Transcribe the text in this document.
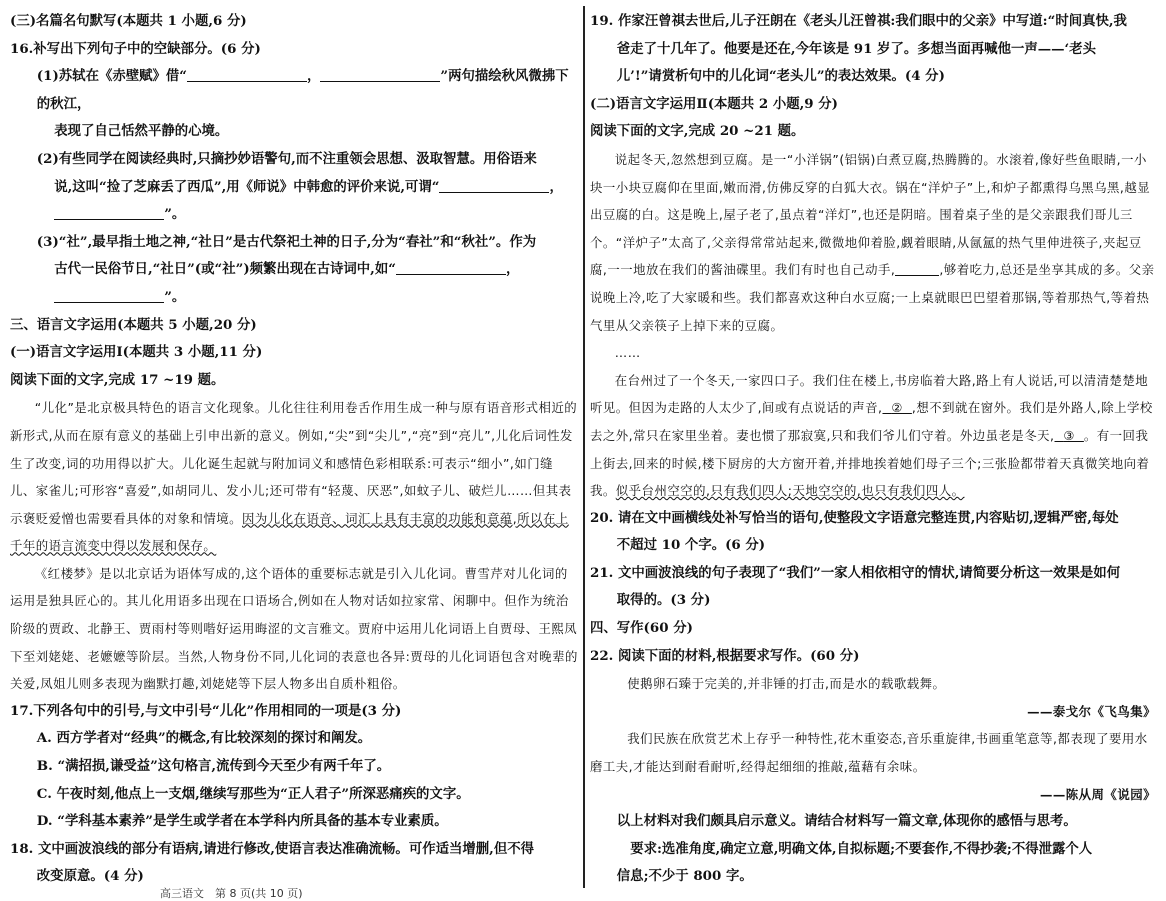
(三)名篇名句默写(本题共 1 小题,6 分)

16.补写出下列句子中的空缺部分。(6 分)

(1)苏轼在《赤壁赋》借“	，	”两句描绘秋风微拂下的秋江，

表现了自己恬然平静的心境。

(2)有些同学在阅读经典时,只摘抄妙语警句,而不注重领会思想、汲取智慧。用俗语来

说,这叫“捡了芝麻丢了西瓜”,用《师说》中韩愈的评价来说,可谓“	，

”。

(3)“社”,最早指土地之神,“社日”是古代祭祀土神的日子,分为“春社”和“秋社”。作为

古代一民俗节日,“社日”(或“社”)频繁出现在古诗词中,如“	，

”。

三、语言文字运用(本题共 5 小题,20 分)

(一)语言文字运用Ⅰ(本题共 3 小题,11 分)

阅读下面的文字,完成 17 ~19 题。

“儿化”是北京极具特色的语言文化现象。儿化往往利用卷舌作用生成一种与原有语音形式相近的新形式,从而在原有意义的基础上引申出新的意义。例如,“尖”到“尖儿”,“亮”到“亮儿”,儿化后词性发生了改变,词的功用得以扩大。儿化诞生起就与附加词义和感情色彩相联系:可表示“细小”,如门缝儿、家雀儿;可形容“喜爱”,如胡同儿、发小儿;还可带有“轻蔑、厌恶”,如蚊子儿、破烂儿……但其表示褒贬爱憎也需要看具体的对象和情境。因为儿化在语音、词汇上具有丰富的功能和意蕴,所以在上千年的语言流变中得以发展和保存。

《红楼梦》是以北京话为语体写成的,这个语体的重要标志就是引入儿化词。曹雪芹对儿化词的运用是独具匠心的。其儿化用语多出现在口语场合,例如在人物对话如拉家常、闲聊中。但作为统治阶级的贾政、北静王、贾雨村等则喈好运用晦涩的文言雅文。贾府中运用儿化词语上自贾母、王熙凤下至刘姥姥、老嬷嬷等阶层。当然,人物身份不同,儿化词的表意也各异:贾母的儿化词语包含对晚辈的关爱,凤姐儿则多表现为幽默打趣,刘姥姥等下层人物多出自质朴粗俗。

17.下列各句中的引号,与文中引号“儿化”作用相同的一项是(3 分)

A. 西方学者对“经典”的概念,有比较深刻的探讨和阐发。

B. “满招损,谦受益”这句格言,流传到今天至少有两千年了。

C. 午夜时刻,他点上一支烟,继续写那些为“正人君子”所深恶痛疾的文字。

D. “学科基本素养”是学生或学者在本学科内所具备的基本专业素质。

18. 文中画波浪线的部分有语病,请进行修改,使语言表达准确流畅。可作适当增删,但不得

改变原意。(4 分)

19. 作家汪曾祺去世后,儿子汪朗在《老头儿汪曾祺:我们眼中的父亲》中写道:“时间真快,我

爸走了十几年了。他要是还在,今年该是 91 岁了。多想当面再喊他一声——‘老头

儿’!”请赏析句中的儿化词“老头儿”的表达效果。(4 分)

(二)语言文字运用Ⅱ(本题共 2 小题,9 分)

阅读下面的文字,完成 20 ~21 题。

说起冬天,忽然想到豆腐。是一“小洋锅”(铝锅)白煮豆腐,热腾腾的。水滚着,像好些鱼眼睛,一小块一小块豆腐仰在里面,嫩而滑,仿佛反穿的白狐大衣。锅在“洋炉子”上,和炉子都熏得乌黑乌黑,越显出豆腐的白。这是晚上,屋子老了,虽点着“洋灯”,也还是阴暗。围着桌子坐的是父亲跟我们哥儿三个。“洋炉子”太高了,父亲得常常站起来,微微地仰着脸,觑着眼睛,从氤氲的热气里伸进筷子,夹起豆腐,一一地放在我们的酱油碟里。我们有时也自己动手,	,够着吃力,总还是坐享其成的多。父亲说晚上冷,吃了大家暖和些。我们都喜欢这种白水豆腐;一上桌就眼巴巴望着那锅,等着那热气,等着热气里从父亲筷子上掉下来的豆腐。

……

在台州过了一个冬天,一家四口子。我们住在楼上,书房临着大路,路上有人说话,可以清清楚楚地听见。但因为走路的人太少了,间或有点说话的声音, ② ,想不到就在窗外。我们是外路人,除上学校去之外,常只在家里坐着。妻也惯了那寂寞,只和我们爷儿们守着。外边虽老是冬天, ③ 。有一回我上街去,回来的时候,楼下厨房的大方窗开着,并排地挨着她们母子三个;三张脸都带着天真微笑地向着我。似乎台州空空的,只有我们四人;天地空空的,也只有我们四人。

20. 请在文中画横线处补写恰当的语句,使整段文字语意完整连贯,内容贴切,逻辑严密,每处

不超过 10 个字。(6 分)

21. 文中画波浪线的句子表现了“我们”一家人相依相守的情状,请简要分析这一效果是如何

取得的。(3 分)

四、写作(60 分)

22. 阅读下面的材料,根据要求写作。(60 分)

使鹅卵石臻于完美的,并非锤的打击,而是水的载歌载舞。

——泰戈尔《飞鸟集》

我们民族在欣赏艺术上存乎一种特性,花木重姿态,音乐重旋律,书画重笔意等,都表现了要用水磨工夫,才能达到耐看耐听,经得起细细的推敲,蕴藉有余味。

——陈从周《说园》

以上材料对我们颇具启示意义。请结合材料写一篇文章,体现你的感悟与思考。

要求:选准角度,确定立意,明确文体,自拟标题;不要套作,不得抄袭;不得泄露个人

信息;不少于 800 字。

高三语文　第 8 页(共 10 页)
